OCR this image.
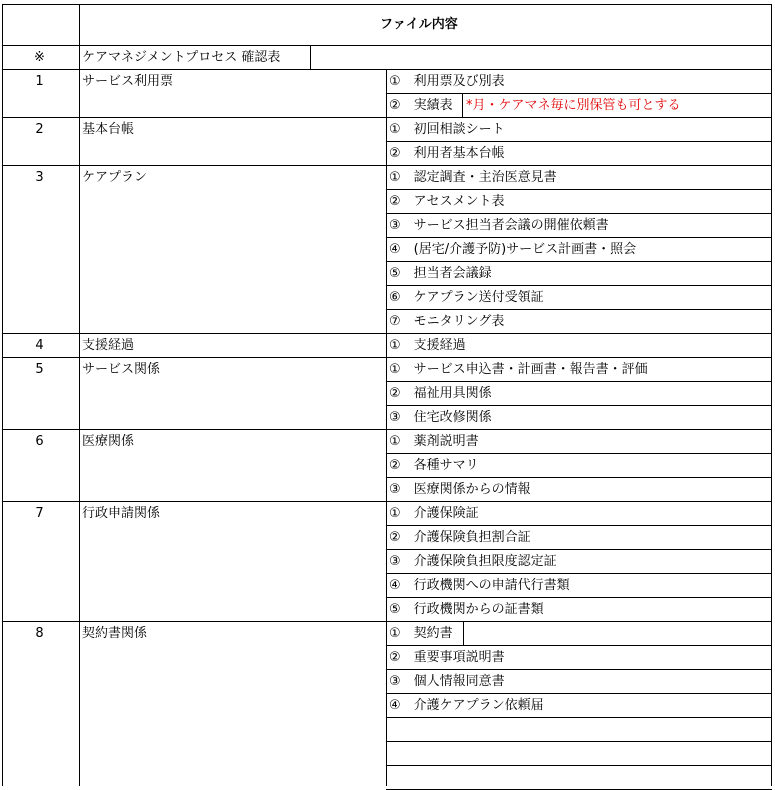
ファイル内容
※	ケアマネジメントプロセス 確認表
1	サービス利用票	①　利用票及び別表
②　実績表 *月・ケアマネ毎に別保管も可とする
2	基本台帳	①　初回相談シート
②　利用者基本台帳
3	ケアプラン	①　認定調査・主治医意見書
②　アセスメント表
③　サービス担当者会議の開催依頼書
④　(居宅/介護予防)サービス計画書・照会
⑤　担当者会議録
⑥　ケアプラン送付受領証
⑦　モニタリング表
4	支援経過	①　支援経過
5	サービス関係	①　サービス申込書・計画書・報告書・評価
②　福祉用具関係
③　住宅改修関係
6	医療関係	①　薬剤説明書
②　各種サマリ
③　医療関係からの情報
7	行政申請関係	①　介護保険証
②　介護保険負担割合証
③　介護保険負担限度認定証
④　行政機関への申請代行書類
⑤　行政機関からの証書類
8	契約書関係	①　契約書
②　重要事項説明書
③　個人情報同意書
④　介護ケアプラン依頼届
